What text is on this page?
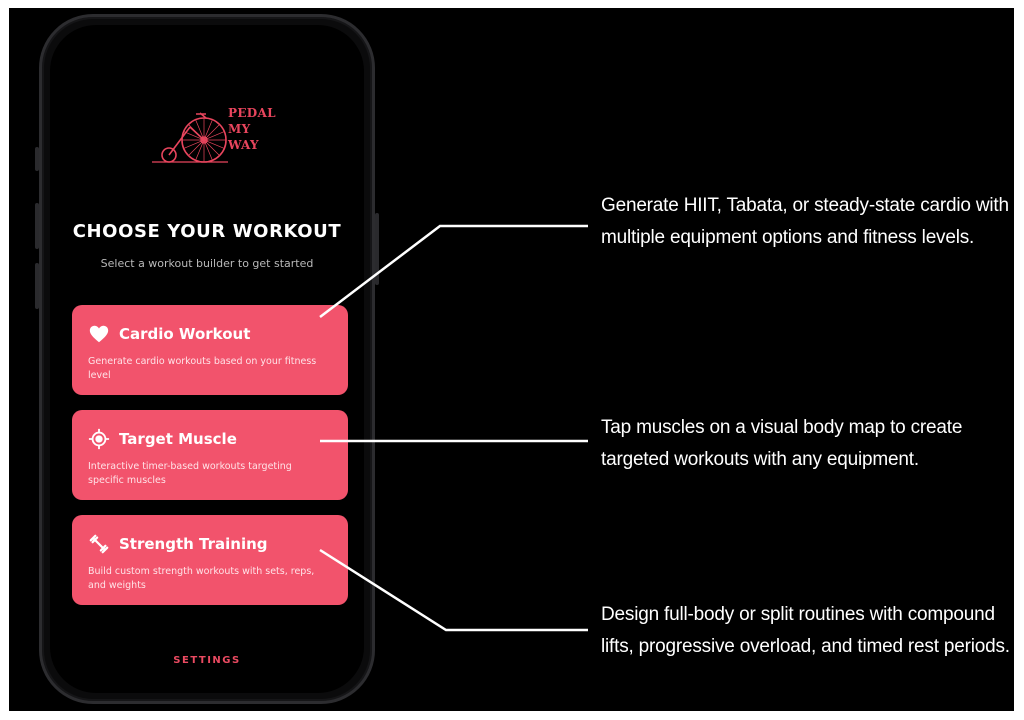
PEDAL
MY
WAY
CHOOSE YOUR WORKOUT
Select a workout builder to get started
Cardio Workout
Generate cardio workouts based on your fitness level
Target Muscle
Interactive timer-based workouts targeting specific muscles
Strength Training
Build custom strength workouts with sets, reps, and weights
SETTINGS
Generate HIIT, Tabata, or steady-state cardio with multiple equipment options and fitness levels.
Tap muscles on a visual body map to create targeted workouts with any equipment.
Design full-body or split routines with compound lifts, progressive overload, and timed rest periods.
